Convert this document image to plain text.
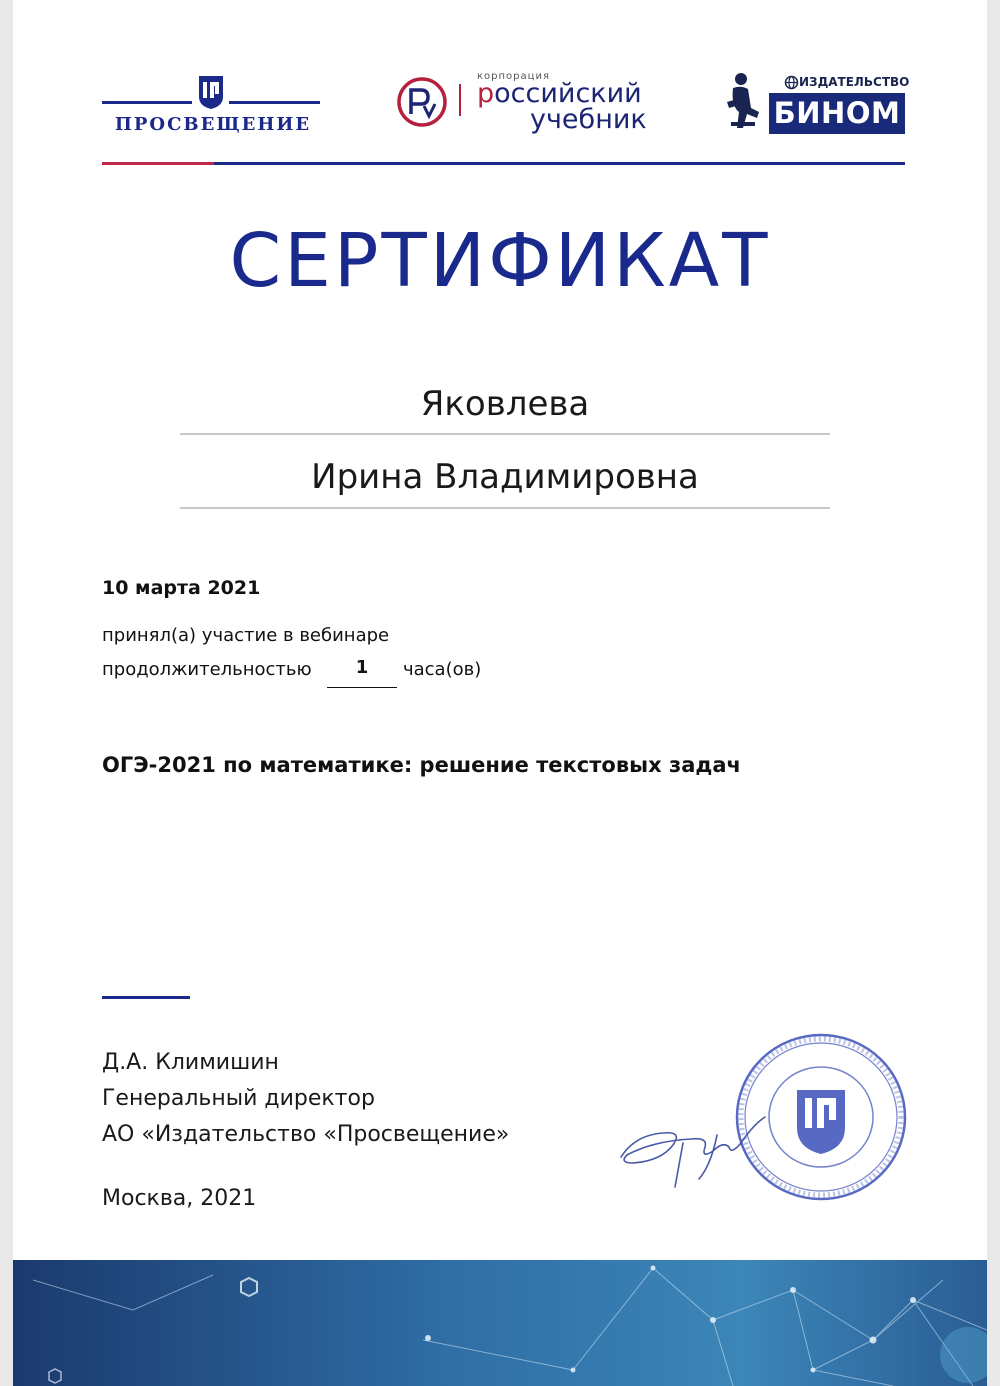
ПРОСВЕЩЕНИЕ
корпорация
российский
учебник
ИЗДАТЕЛЬСТВО
БИНОМ
СЕРТИФИКАТ
Яковлева
Ирина Владимировна
10 марта 2021
принял(а) участие в вебинаре
продолжительностью	1	часа(ов)
ОГЭ-2021 по математике: решение текстовых задач
Д.А. Климишин
Генеральный директор
АО «Издательство «Просвещение»
Москва, 2021
